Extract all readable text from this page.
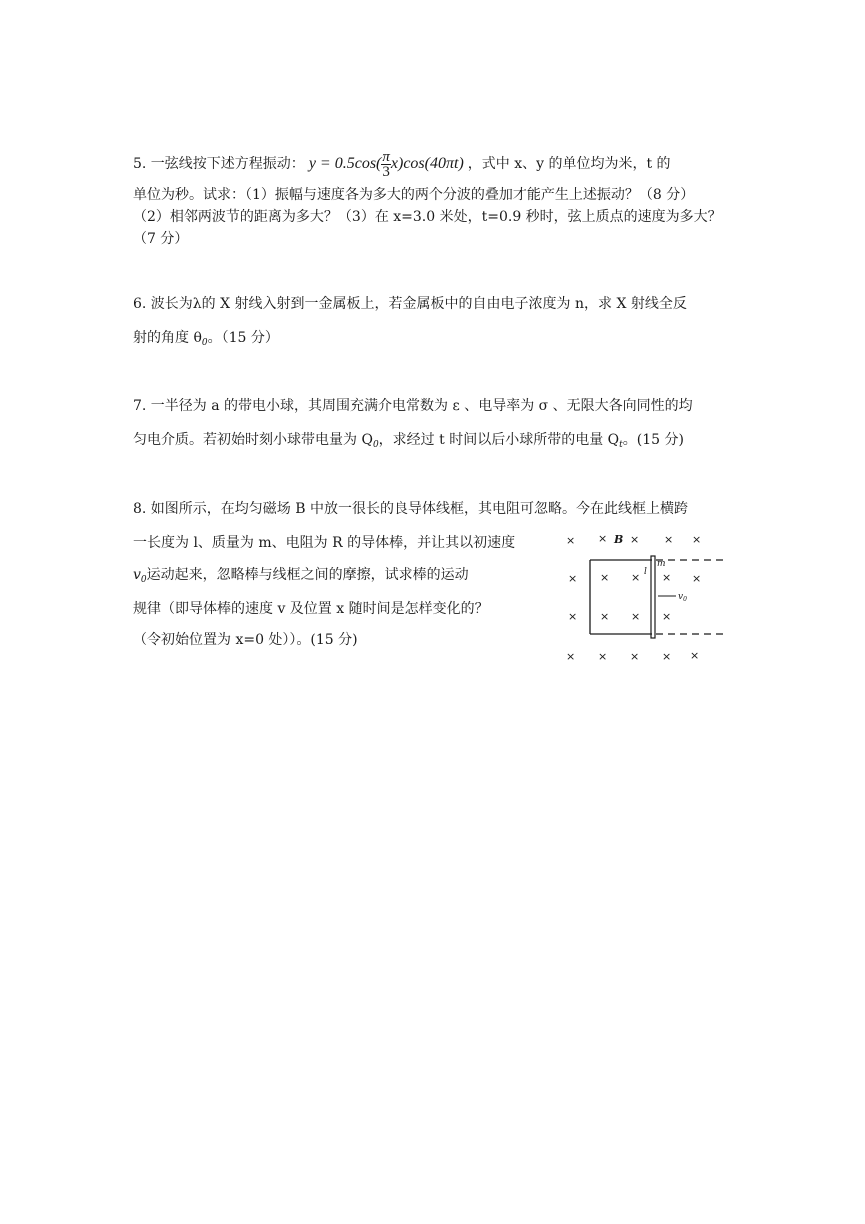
5. 一弦线按下述方程振动： $y = 0.5\cos( \frac{\pi}{3} x)\cos(40\pi t)$ ，式中 x、y 的单位均为米，t 的
单位为秒。试求：（1）振幅与速度各为多大的两个分波的叠加才能产生上述振动？（8 分）
（2）相邻两波节的距离为多大？（3）在 x=3.0 米处，t=0.9 秒时，弦上质点的速度为多大？
（7 分）
6. 波长为λ的 X 射线入射到一金属板上，若金属板中的自由电子浓度为 n，求 X 射线全反
射的角度 $\theta_0$。（15 分）
7. 一半径为 a 的带电小球，其周围充满介电常数为 ε 、电导率为 σ 、无限大各向同性的均
匀电介质。若初始时刻小球带电量为 $Q_0$，求经过 t 时间以后小球所带的电量 $Q_t$。(15 分)
8. 如图所示，在均匀磁场 B 中放一很长的良导体线框，其电阻可忽略。今在此线框上横跨
一长度为 l、质量为 m、电阻为 R 的导体棒，并让其以初速度
$v_0$运动起来，忽略棒与线框之间的摩擦，试求棒的运动
规律（即导体棒的速度 v 及位置 x 随时间是怎样变化的？
（令初始位置为 x=0 处））。(15 分)
× × × × ×
× × × × ×
× × × ×
× × × × ×
B
l
m
$v_0$
